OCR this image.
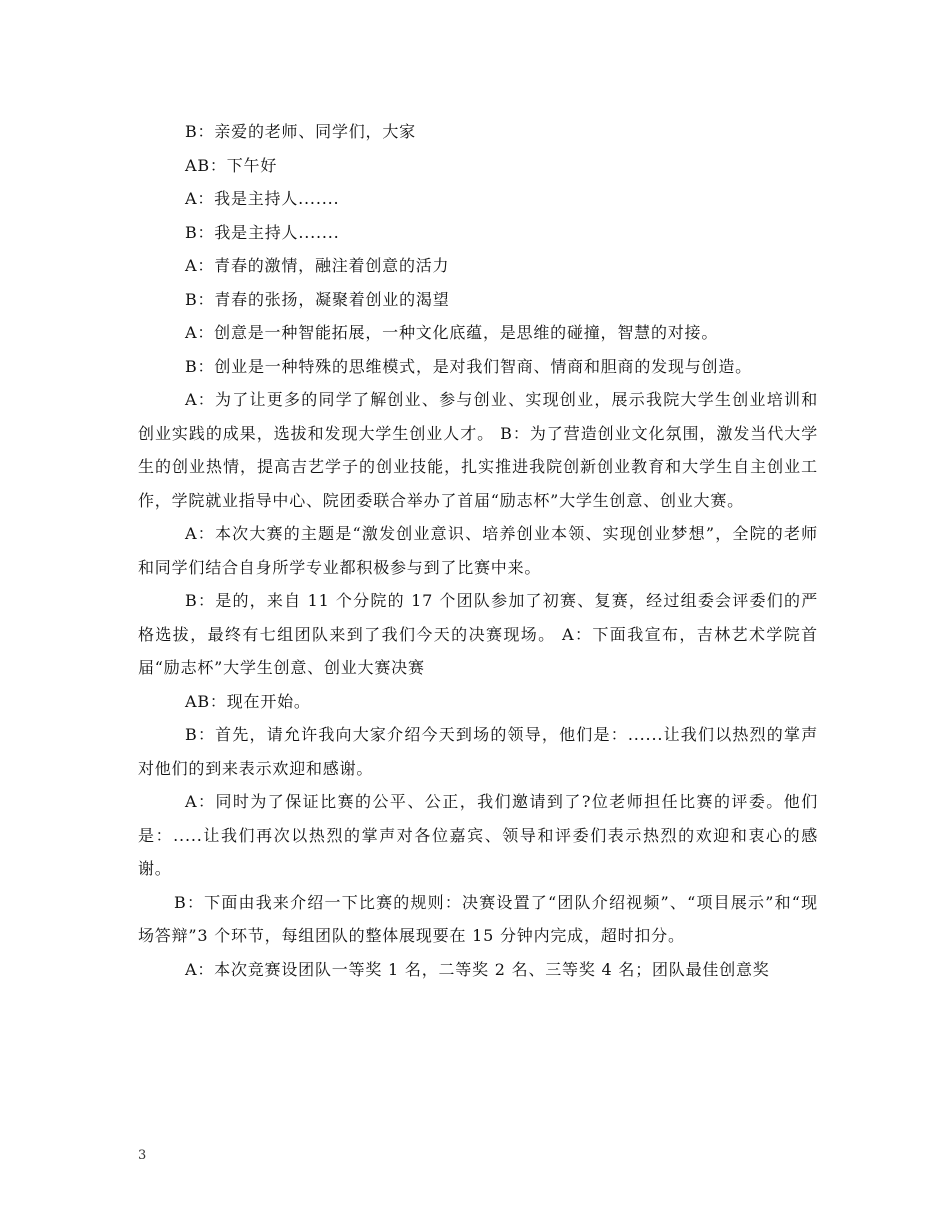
B：亲爱的老师、同学们，大家

AB：下午好

A：我是主持人.......

B：我是主持人.......

A：青春的激情，融注着创意的活力

B：青春的张扬，凝聚着创业的渴望

A：创意是一种智能拓展，一种文化底蕴，是思维的碰撞，智慧的对接。

B：创业是一种特殊的思维模式，是对我们智商、情商和胆商的发现与创造。

A：为了让更多的同学了解创业、参与创业、实现创业，展示我院大学生创业培训和创业实践的成果，选拔和发现大学生创业人才。 B：为了营造创业文化氛围，激发当代大学生的创业热情，提高吉艺学子的创业技能，扎实推进我院创新创业教育和大学生自主创业工作，学院就业指导中心、院团委联合举办了首届“励志杯”大学生创意、创业大赛。

A：本次大赛的主题是“激发创业意识、培养创业本领、实现创业梦想”，全院的老师和同学们结合自身所学专业都积极参与到了比赛中来。

B：是的，来自 11 个分院的 17 个团队参加了初赛、复赛，经过组委会评委们的严格选拔，最终有七组团队来到了我们今天的决赛现场。 A：下面我宣布，吉林艺术学院首届“励志杯”大学生创意、创业大赛决赛

AB：现在开始。

B：首先，请允许我向大家介绍今天到场的领导，他们是：......让我们以热烈的掌声对他们的到来表示欢迎和感谢。

A：同时为了保证比赛的公平、公正，我们邀请到了?位老师担任比赛的评委。他们是：.....让我们再次以热烈的掌声对各位嘉宾、领导和评委们表示热烈的欢迎和衷心的感谢。

B：下面由我来介绍一下比赛的规则：决赛设置了“团队介绍视频”、“项目展示”和“现场答辩”3 个环节，每组团队的整体展现要在 15 分钟内完成，超时扣分。

A：本次竞赛设团队一等奖 1 名，二等奖 2 名、三等奖 4 名；团队最佳创意奖

3
